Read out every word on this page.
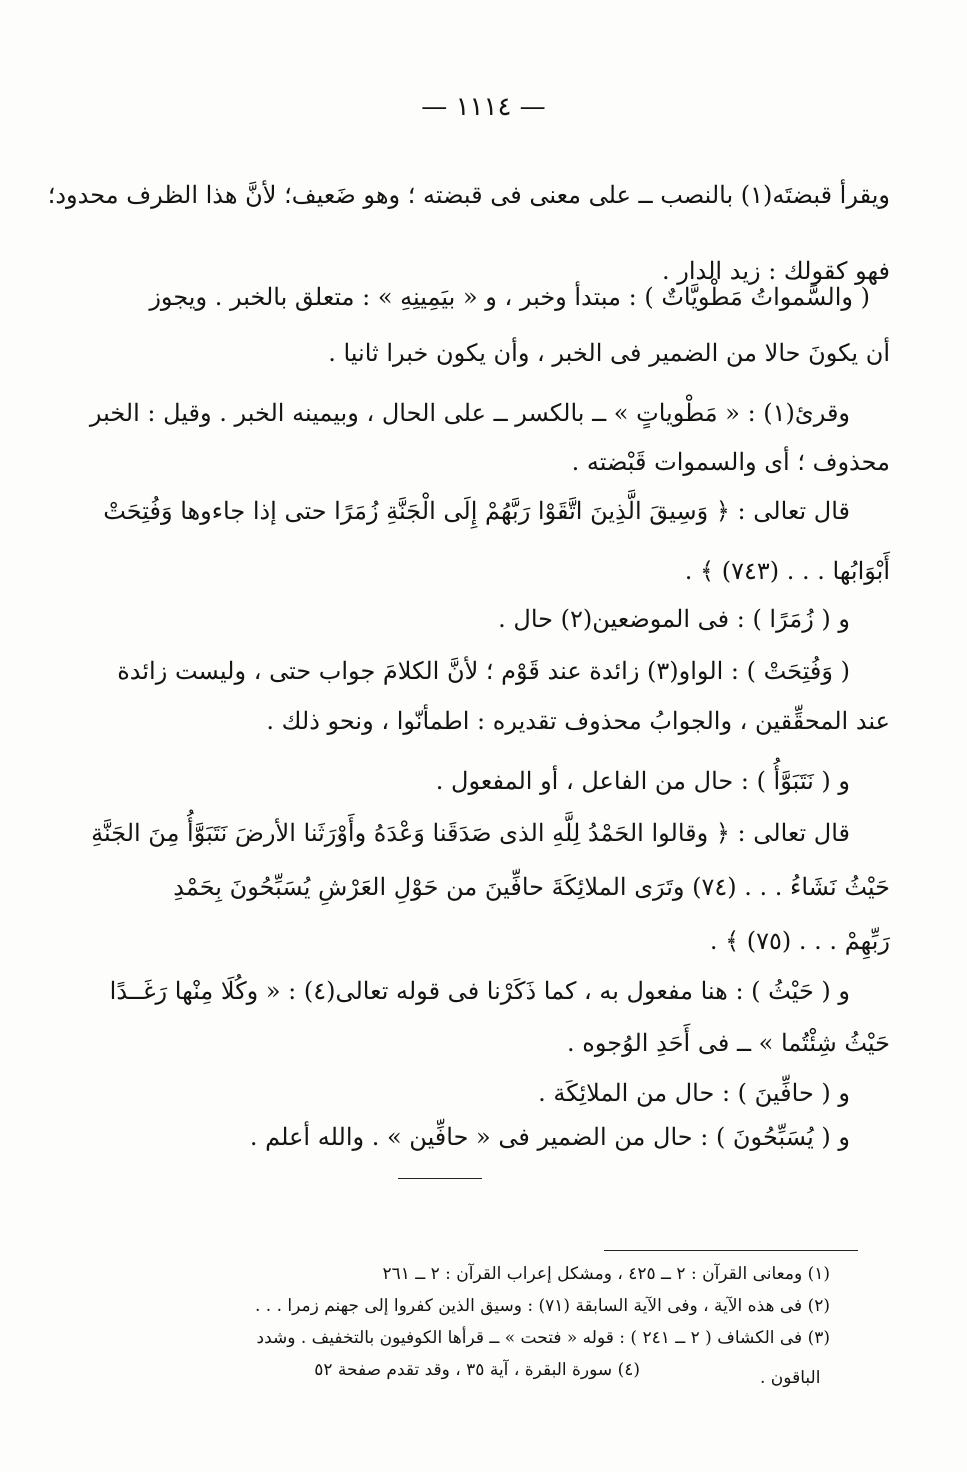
— ١١١٤ —
ويقرأ قبضتَه(١) بالنصب ــ على معنى فى قبضته ؛ وهو ضَعيف؛ لأنَّ هذا الظرف محدود؛
فهو كقولك : زيد الدار .
( والسَّمواتُ مَطْويَّاتٌ ) : مبتدأ وخبر ، و « بيَمِينِهِ » : متعلق بالخبر . ويجوز
أن يكونَ حالا من الضمير فى الخبر ، وأن يكون خبرا ثانيا .
وقرئ(١) : « مَطْوياتٍ » ــ بالكسر ــ على الحال ، وبيمينه الخبر . وقيل : الخبر
محذوف ؛ أى والسموات قَبْضته .
قال تعالى : ﴿ وَسِيقَ الَّذِينَ اتَّقَوْا رَبَّهُمْ إِلَى الْجَنَّةِ زُمَرًا حتى إذا جاءوها وَفُتِحَتْ
أَبْوَابُها . . . (٧٤٣) ﴾ .
و ( زُمَرًا ) : فى الموضعين(٢) حال .
( وَفُتِحَتْ ) : الواو(٣) زائدة عند قَوْم ؛ لأنَّ الكلامَ جواب حتى ، وليست زائدة
عند المحقِّقين ، والجوابُ محذوف تقديره : اطمأنّوا ، ونحو ذلك .
و ( نَتَبَوَّأُ ) : حال من الفاعل ، أو المفعول .
قال تعالى : ﴿ وقالوا الحَمْدُ لِلَّهِ الذى صَدَقَنا وَعْدَهُ وأَوْرَثَنا الأرضَ نَتَبَوَّأُ مِنَ الجَنَّةِ
حَيْثُ نَشَاءُ . . . (٧٤) وتَرَى الملائِكَةَ حافِّينَ من حَوْلِ العَرْشِ يُسَبِّحُونَ بِحَمْدِ
رَبِّهِمْ . . . (٧٥) ﴾ .
و ( حَيْثُ ) : هنا مفعول به ، كما ذَكَرْنا فى قوله تعالى(٤) : « وكُلَا مِنْها رَغَــدًا
حَيْثُ شِئْتُما » ــ فى أَحَدِ الوُجوه .
و ( حافِّينَ ) : حال من الملائِكَة .
و ( يُسَبِّحُونَ ) : حال من الضمير فى « حافِّين » . والله أعلم .
(١) ومعانى القرآن : ٢ ــ ٤٢٥ ، ومشكل إعراب القرآن : ٢ ــ ٢٦١
(٢) فى هذه الآية ، وفى الآية السابقة (٧١) : وسيق الذين كفروا إلى جهنم زمرا . . .
(٣) فى الكشاف ( ٢ ــ ٢٤١ ) : قوله « فتحت » ــ قرأها الكوفيون بالتخفيف . وشدد
الباقون .
(٤) سورة البقرة ، آية ٣٥ ، وقد تقدم صفحة ٥٢
